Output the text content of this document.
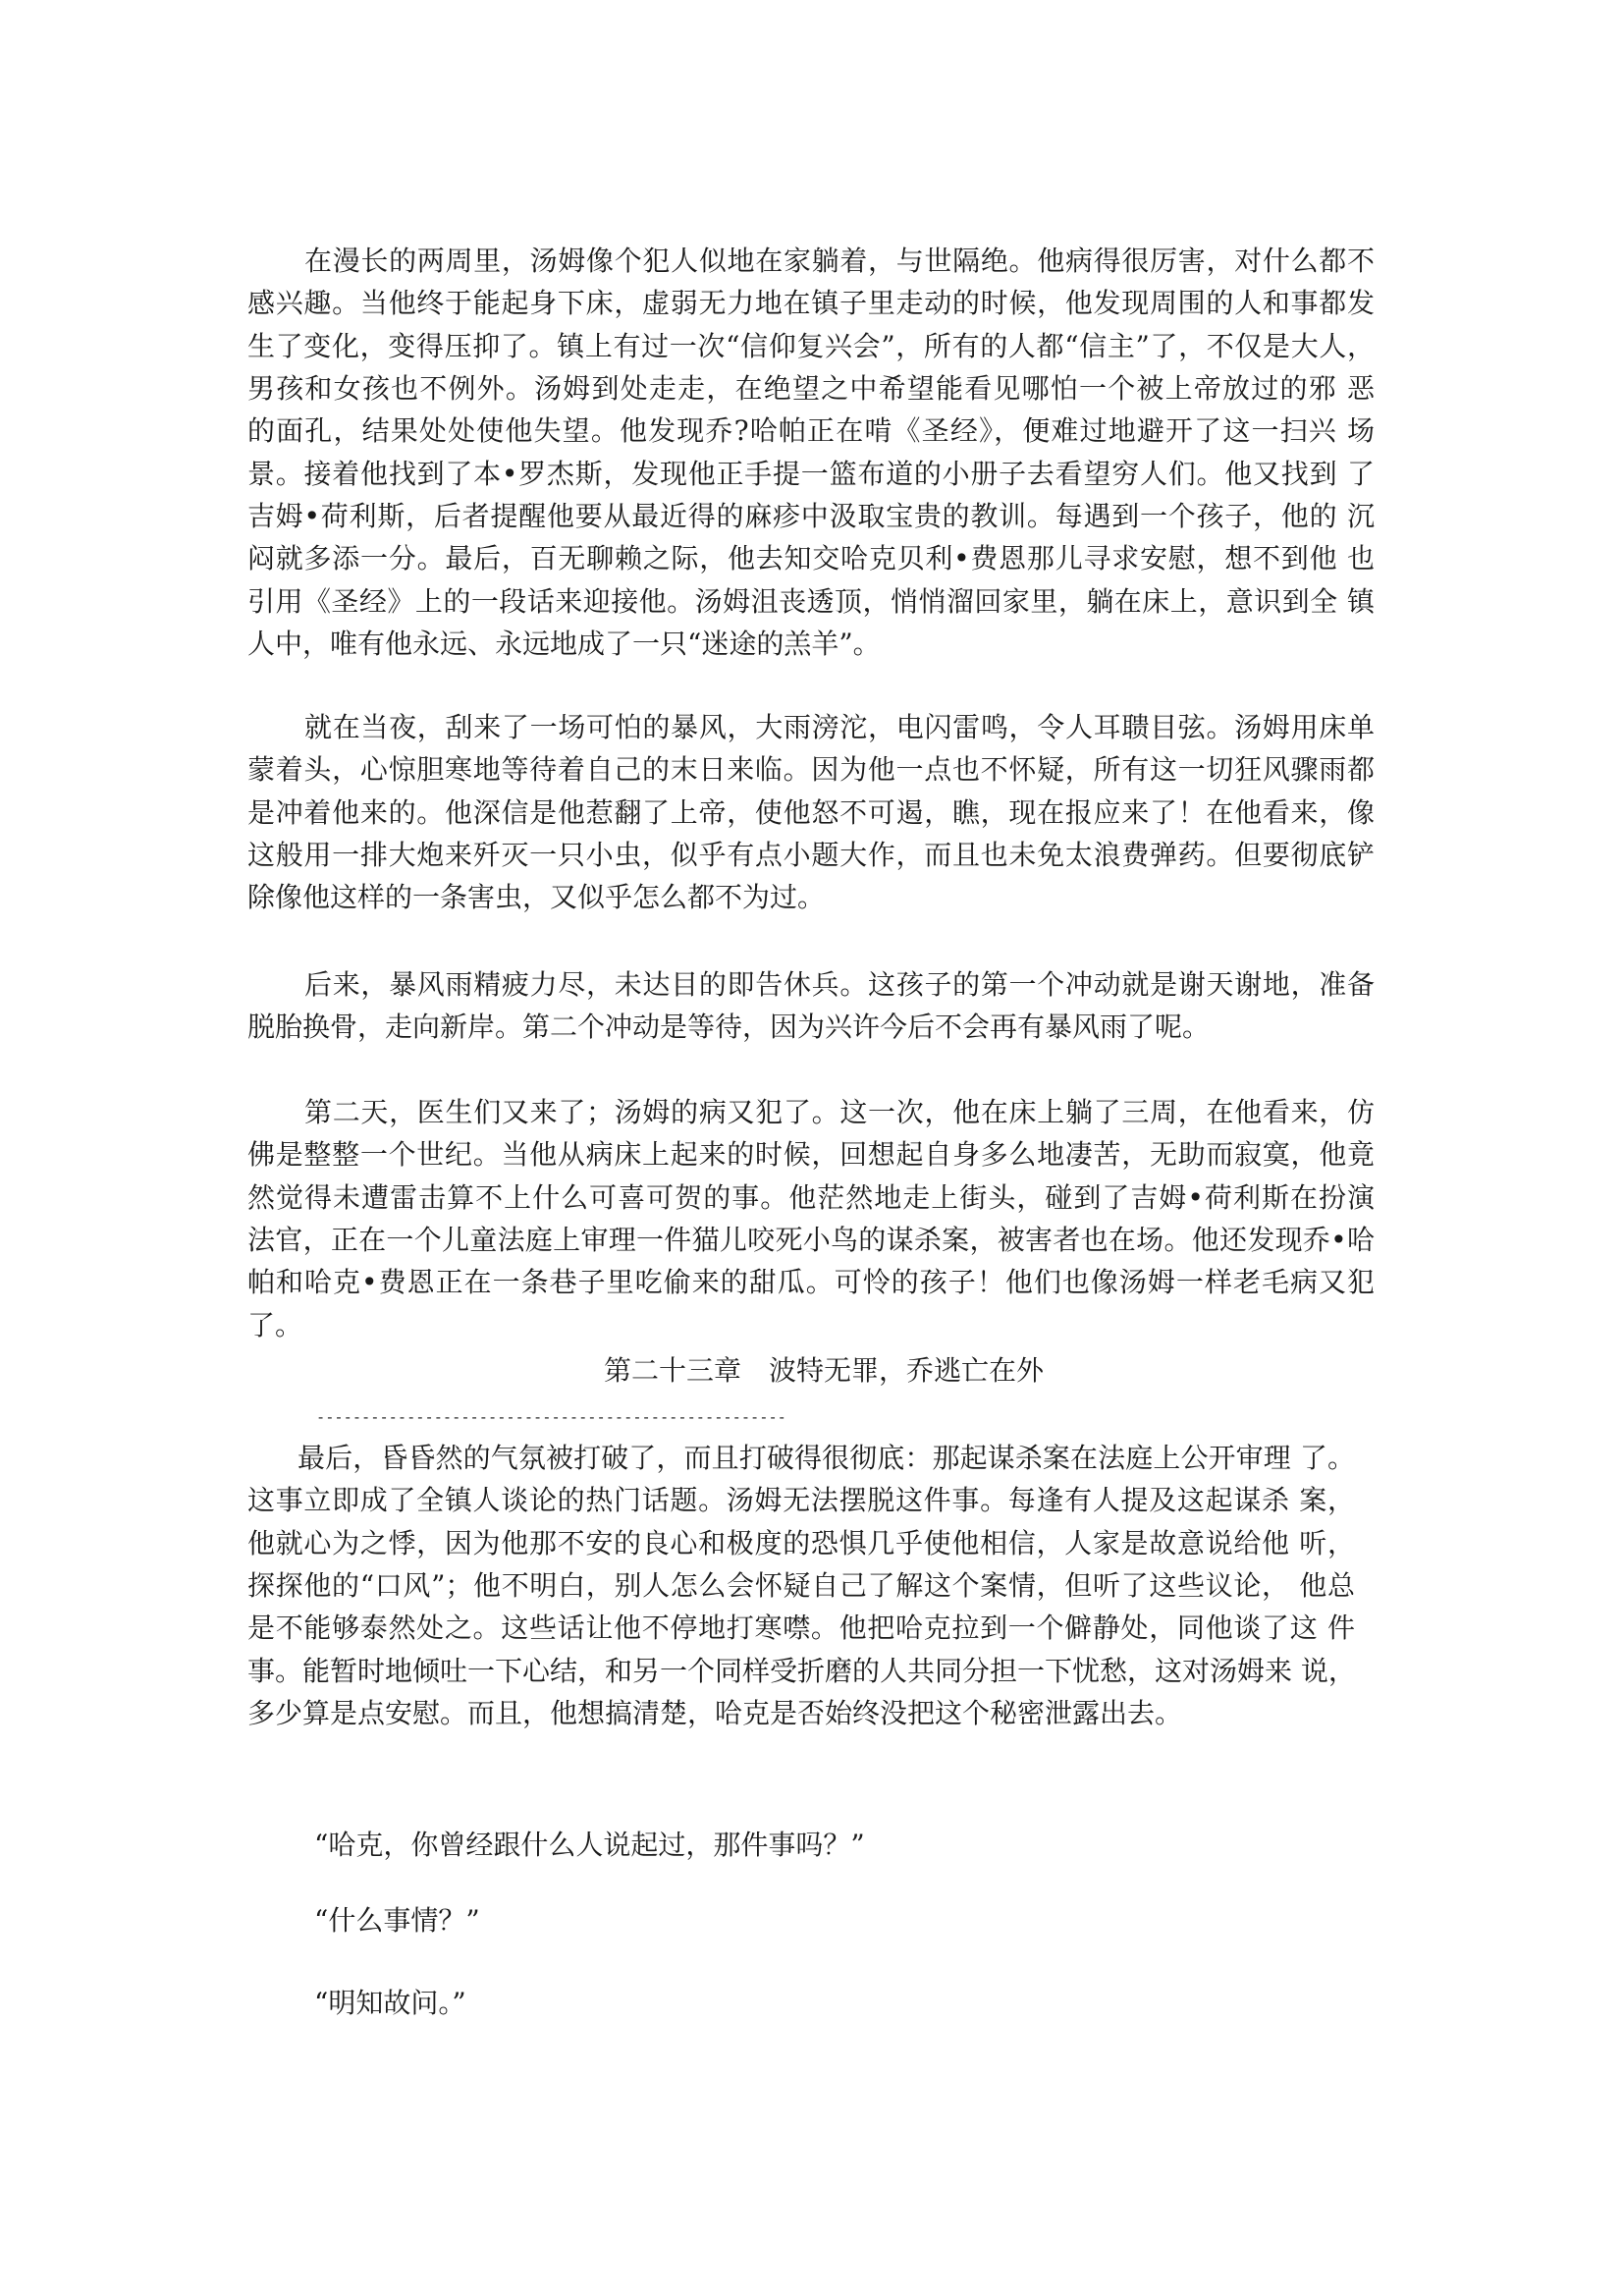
在漫长的两周里，汤姆像个犯人似地在家躺着，与世隔绝。他病得很厉害，对什么都不
感兴趣。当他终于能起身下床，虚弱无力地在镇子里走动的时候，他发现周围的人和事都发
生了变化，变得压抑了。镇上有过一次“信仰复兴会”，所有的人都“信主”了，不仅是大人，
男孩和女孩也不例外。汤姆到处走走，在绝望之中希望能看见哪怕一个被上帝放过的邪 恶
的面孔，结果处处使他失望。他发现乔?哈帕正在啃《圣经》，便难过地避开了这一扫兴 场
景。接着他找到了本•罗杰斯，发现他正手提一篮布道的小册子去看望穷人们。他又找到 了
吉姆•荷利斯，后者提醒他要从最近得的麻疹中汲取宝贵的教训。每遇到一个孩子，他的 沉
闷就多添一分。最后，百无聊赖之际，他去知交哈克贝利•费恩那儿寻求安慰，想不到他 也
引用《圣经》上的一段话来迎接他。汤姆沮丧透顶，悄悄溜回家里，躺在床上，意识到全 镇
人中，唯有他永远、永远地成了一只“迷途的羔羊”。
就在当夜，刮来了一场可怕的暴风，大雨滂沱，电闪雷鸣，令人耳聩目弦。汤姆用床单
蒙着头，心惊胆寒地等待着自己的末日来临。因为他一点也不怀疑，所有这一切狂风骤雨都
是冲着他来的。他深信是他惹翻了上帝，使他怒不可遏，瞧，现在报应来了！在他看来，像
这般用一排大炮来歼灭一只小虫，似乎有点小题大作，而且也未免太浪费弹药。但要彻底铲
除像他这样的一条害虫，又似乎怎么都不为过。
后来，暴风雨精疲力尽，未达目的即告休兵。这孩子的第一个冲动就是谢天谢地，准备
脱胎换骨，走向新岸。第二个冲动是等待，因为兴许今后不会再有暴风雨了呢。
第二天，医生们又来了；汤姆的病又犯了。这一次，他在床上躺了三周，在他看来，仿
佛是整整一个世纪。当他从病床上起来的时候，回想起自身多么地凄苦，无助而寂寞，他竟
然觉得未遭雷击算不上什么可喜可贺的事。他茫然地走上街头，碰到了吉姆•荷利斯在扮演
法官，正在一个儿童法庭上审理一件猫儿咬死小鸟的谋杀案，被害者也在场。他还发现乔•哈
帕和哈克•费恩正在一条巷子里吃偷来的甜瓜。可怜的孩子！他们也像汤姆一样老毛病又犯
了。
第二十三章　波特无罪，乔逃亡在外
----------------------------------------------------
最后，昏昏然的气氛被打破了，而且打破得很彻底：那起谋杀案在法庭上公开审理 了。
这事立即成了全镇人谈论的热门话题。汤姆无法摆脱这件事。每逢有人提及这起谋杀 案，
他就心为之悸，因为他那不安的良心和极度的恐惧几乎使他相信，人家是故意说给他 听，
探探他的“口风”；他不明白，别人怎么会怀疑自己了解这个案情，但听了这些议论， 他总
是不能够泰然处之。这些话让他不停地打寒噤。他把哈克拉到一个僻静处，同他谈了这 件
事。能暂时地倾吐一下心结，和另一个同样受折磨的人共同分担一下忧愁，这对汤姆来 说，
多少算是点安慰。而且，他想搞清楚，哈克是否始终没把这个秘密泄露出去。
“哈克，你曾经跟什么人说起过，那件事吗？”
“什么事情？”
“明知故问。”
